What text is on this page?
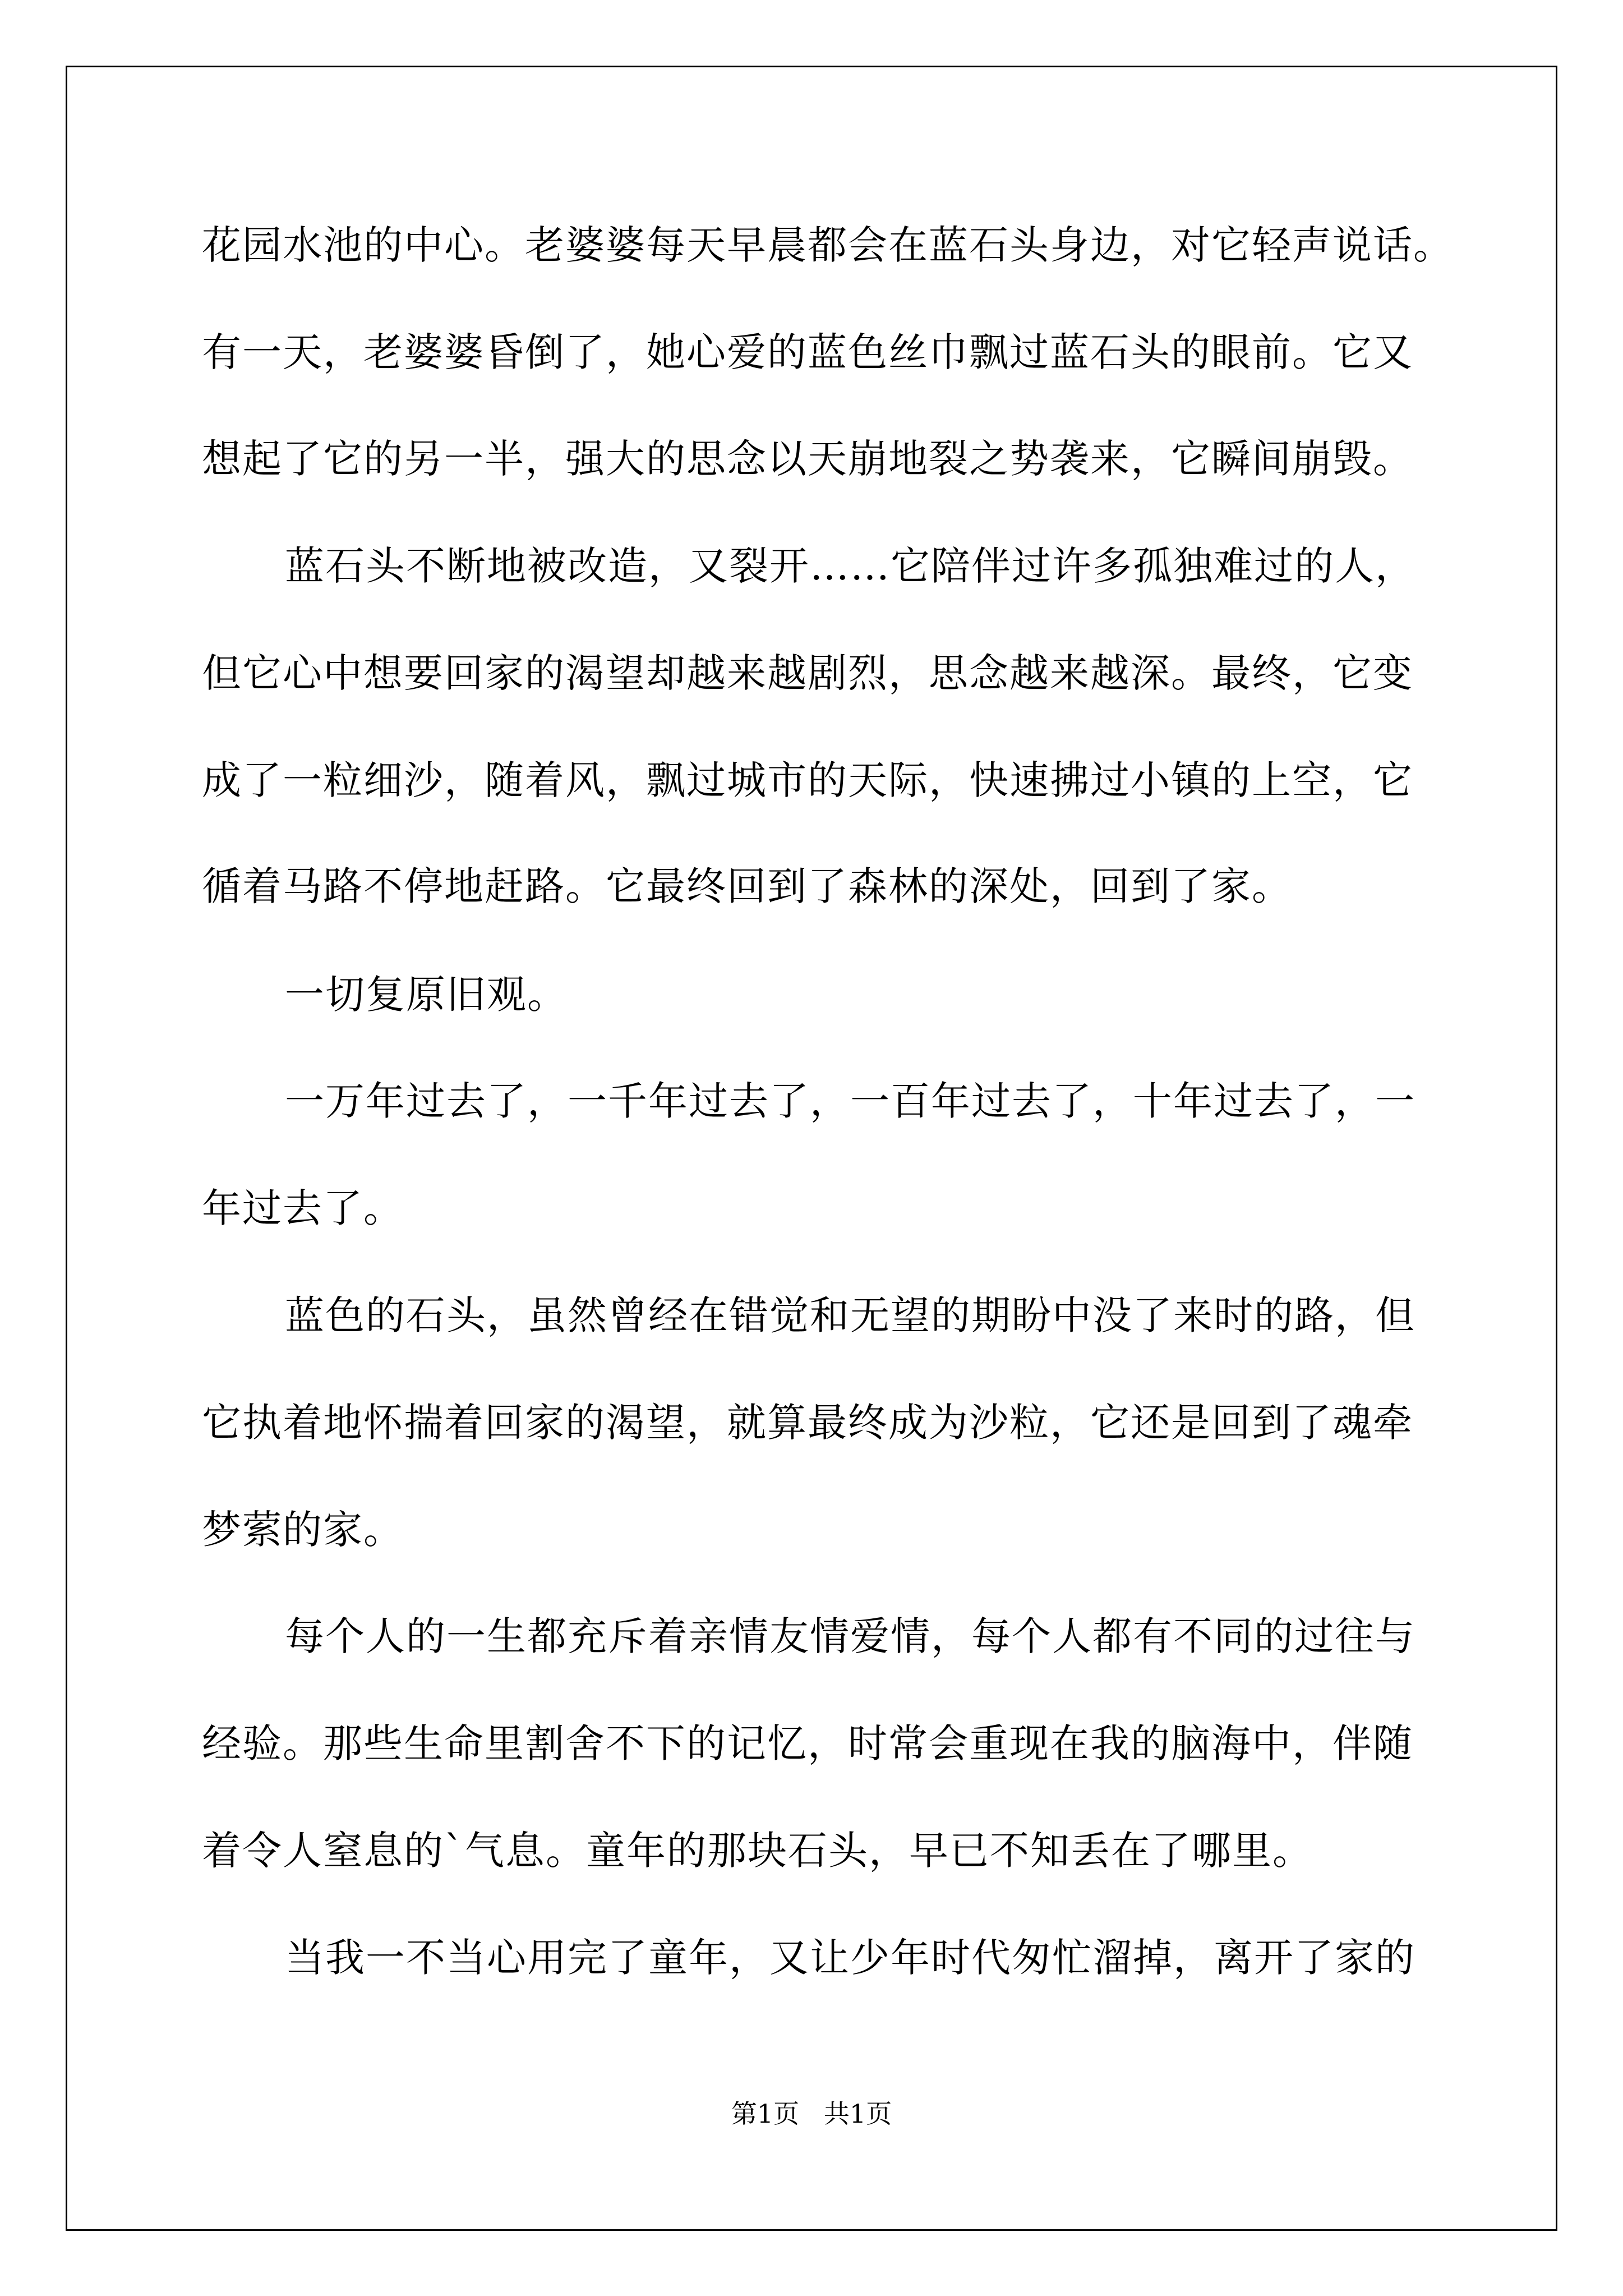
花园水池的中心。老婆婆每天早晨都会在蓝石头身边，对它轻声说话。
有一天，老婆婆昏倒了，她心爱的蓝色丝巾飘过蓝石头的眼前。它又
想起了它的另一半，强大的思念以天崩地裂之势袭来，它瞬间崩毁。
蓝石头不断地被改造，又裂开……它陪伴过许多孤独难过的人，
但它心中想要回家的渴望却越来越剧烈，思念越来越深。最终，它变
成了一粒细沙，随着风，飘过城市的天际，快速拂过小镇的上空，它
循着马路不停地赶路。它最终回到了森林的深处，回到了家。
一切复原旧观。
一万年过去了，一千年过去了，一百年过去了，十年过去了，一
年过去了。
蓝色的石头，虽然曾经在错觉和无望的期盼中没了来时的路，但
它执着地怀揣着回家的渴望，就算最终成为沙粒，它还是回到了魂牵
梦萦的家。
每个人的一生都充斥着亲情友情爱情，每个人都有不同的过往与
经验。那些生命里割舍不下的记忆，时常会重现在我的脑海中，伴随
着令人窒息的`气息。童年的那块石头，早已不知丢在了哪里。
当我一不当心用完了童年，又让少年时代匆忙溜掉，离开了家的
第1页   共1页
